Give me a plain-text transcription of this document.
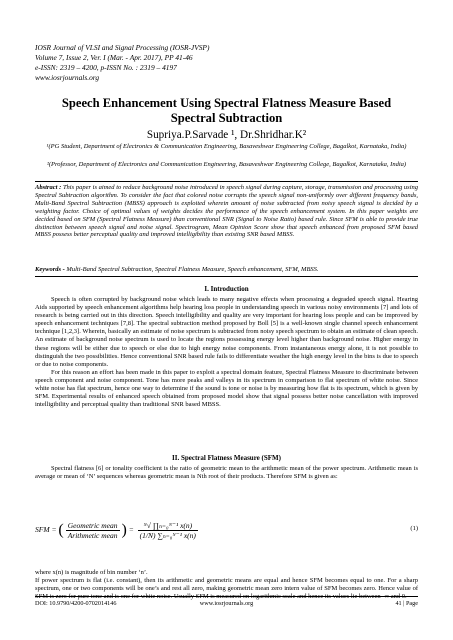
IOSR Journal of VLSI and Signal Processing (IOSR-JVSP)
Volume 7, Issue 2, Ver. I (Mar. - Apr. 2017), PP 41-46
e-ISSN: 2319 – 4200, p-ISSN No. : 2319 – 4197
www.iosrjournals.org
Speech Enhancement Using Spectral Flatness Measure Based Spectral Subtraction
Supriya.P.Sarvade ¹, Dr.Shridhar.K²
¹(PG Student, Department of Electronics & Communication Engineering, Basaveshwar Engineering College, Bagalkot, Karnataka, India)
²(Professor, Department of Electronics and Communication Engineering, Basaveshwar Engineering College, Bagalkot, Karnataka, India)
Abstract : This paper is aimed to reduce background noise introduced in speech signal during capture, storage, transmission and processing using Spectral Subtraction algorithm. To consider the fact that colored noise corrupts the speech signal non-uniformly over different frequency bands, Multi-Band Spectral Subtraction (MBSS) approach is exploited wherein amount of noise subtracted from noisy speech signal is decided by a weighting factor. Choice of optimal values of weights decides the performance of the speech enhancement system. In this paper weights are decided based on SFM (Spectral Flatness Measure) than conventional SNR (Signal to Noise Ratio) based rule. Since SFM is able to provide true distinction between speech signal and noise signal. Spectrogram, Mean Opinion Score show that speech enhanced from proposed SFM based MBSS possess better perceptual quality and improved intelligibility than existing SNR based MBSS.
Keywords - Multi-Band Spectral Subtraction, Spectral Flatness Measure, Speech enhancement, SFM, MBSS.
I. Introduction

Speech is often corrupted by background noise which leads to many negative effects when processing a degraded speech signal. Hearing Aids supported by speech enhancement algorithms help hearing loss people in understanding speech in various noisy environments [7] and lots of research is being carried out in this direction. Speech intelligibility and quality are very important for hearing loss people and can be improved by speech enhancement techniques [7,8]. The spectral subtraction method proposed by Boll [5] is a well-known single channel speech enhancement technique [1,2,3]. Wherein, basically an estimate of noise spectrum is subtracted from noisy speech spectrum to obtain an estimate of clean speech. An estimate of background noise spectrum is used to locate the regions possessing energy level higher than background noise. Higher energy in these regions will be either due to speech or else due to high energy noise components. From instantaneous energy alone, it is not possible to distinguish the two possibilities. Hence conventional SNR based rule fails to differentiate weather the high energy level in the bins is due to speech or due to noise components.

For this reason an effort has been made in this paper to exploit a spectral domain feature, Spectral Flatness Measure to discriminate between speech component and noise component. Tone has more peaks and valleys in its spectrum in comparison to flat spectrum of white noise. Since white noise has flat spectrum, hence one way to determine if the sound is tone or noise is by measuring how flat is its spectrum, which is given by SFM. Experimental results of enhanced speech obtained from proposed model show that signal possess better noise cancellation with improved intelligibility and perceptual quality than traditional SNR based MBSS.

II. Spectral Flatness Measure (SFM)

Spectral flatness [6] or tonality coefficient is the ratio of geometric mean to the arithmetic mean of the power spectrum. Arithmetic mean is average or mean of ‘N’ sequences whereas geometric mean is Nth root of their products. Therefore SFM is given as:

SFM = ( $\frac{\text{Geometric mean}}{\text{Arithmetic mean}}$ ) = $\frac{\text{ᴺ√ ∏ₙ₌₀ᴺ⁻¹ x(n)}}{\text{(1/N) ∑ₙ₌₀ᴺ⁻¹ x(n)}}$	(1)

where x(n) is magnitude of bin number ‘n’.

If power spectrum is flat (i.e. constant), then its arithmetic and geometric means are equal and hence SFM becomes equal to one. For a sharp spectrum, one or two components will be one’s and rest all zero, making geometric mean zero intern value of SFM becomes zero. Hence value of SFM is zero for pure tone and is one for white noise. Usually SFM is measured on logarithmic scale and hence its values lie between -∞ and 0.

DOI: 10.9790/4200-0702014146	www.iosrjournals.org	41 | Page
